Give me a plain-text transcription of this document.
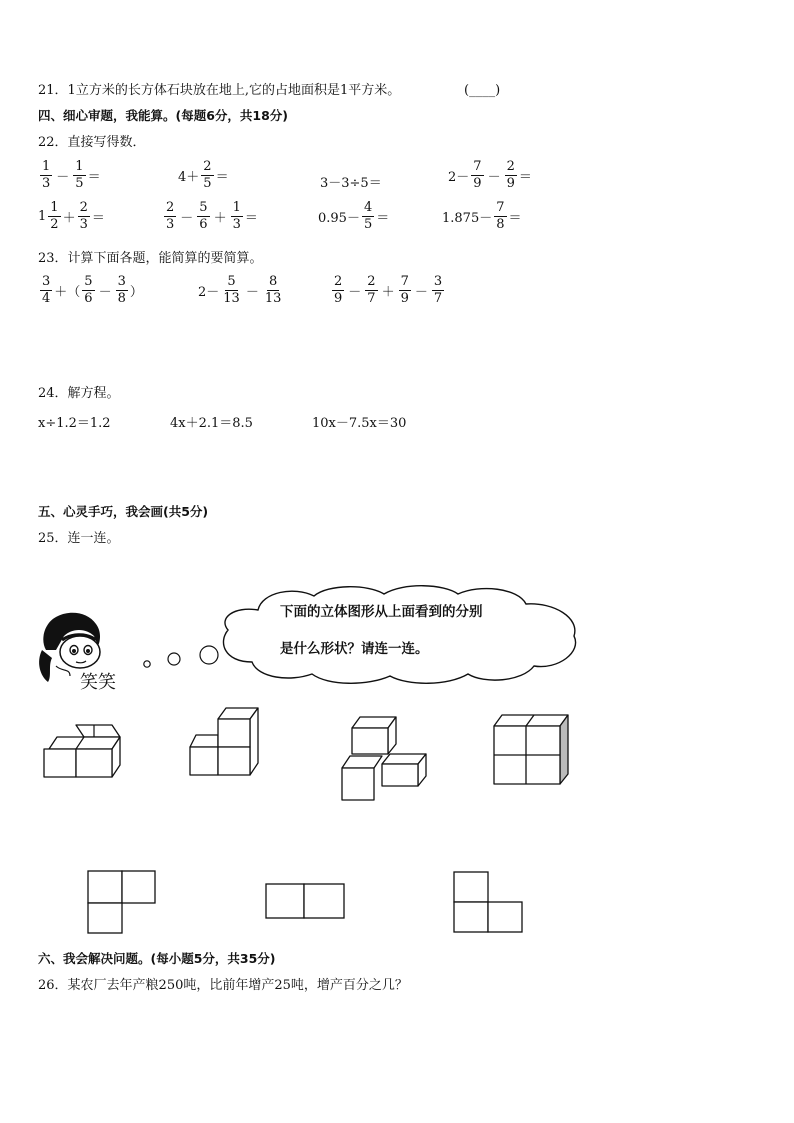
21．1立方米的长方体石块放在地上,它的占地面积是1平方米。	(____)
四、细心审题，我能算。(每题6分，共18分)
22．直接写得数．
$\frac{1}{3} - \frac{1}{5}$ ＝	$4+ \frac{2}{5}$ ＝	3－3÷5＝	$2- \frac{7}{9} - \frac{2}{9}$ ＝
$1 \frac{1}{2} + \frac{2}{3}$ ＝	$\frac{2}{3} - \frac{5}{6} + \frac{1}{3}$ ＝	$0.95- \frac{4}{5}$ ＝	$1.875- \frac{7}{8}$ ＝
23．计算下面各题，能简算的要简算。
$\frac{3}{4}$ ＋（ $\frac{5}{6} - \frac{3}{8}$ ）	$2- \frac{5}{13} - \frac{8}{13}$	$\frac{2}{9} - \frac{2}{7} + \frac{7}{9} - \frac{3}{7}$
24．解方程。
x÷1.2＝1.2	4x＋2.1＝8.5	10x－7.5x＝30
五、心灵手巧，我会画(共5分)
25．连一连。
笑笑
下面的立体图形从上面看到的分别
是什么形状？请连一连。
六、我会解决问题。(每小题5分，共35分)
26．某农厂去年产粮250吨，比前年增产25吨，增产百分之几？
